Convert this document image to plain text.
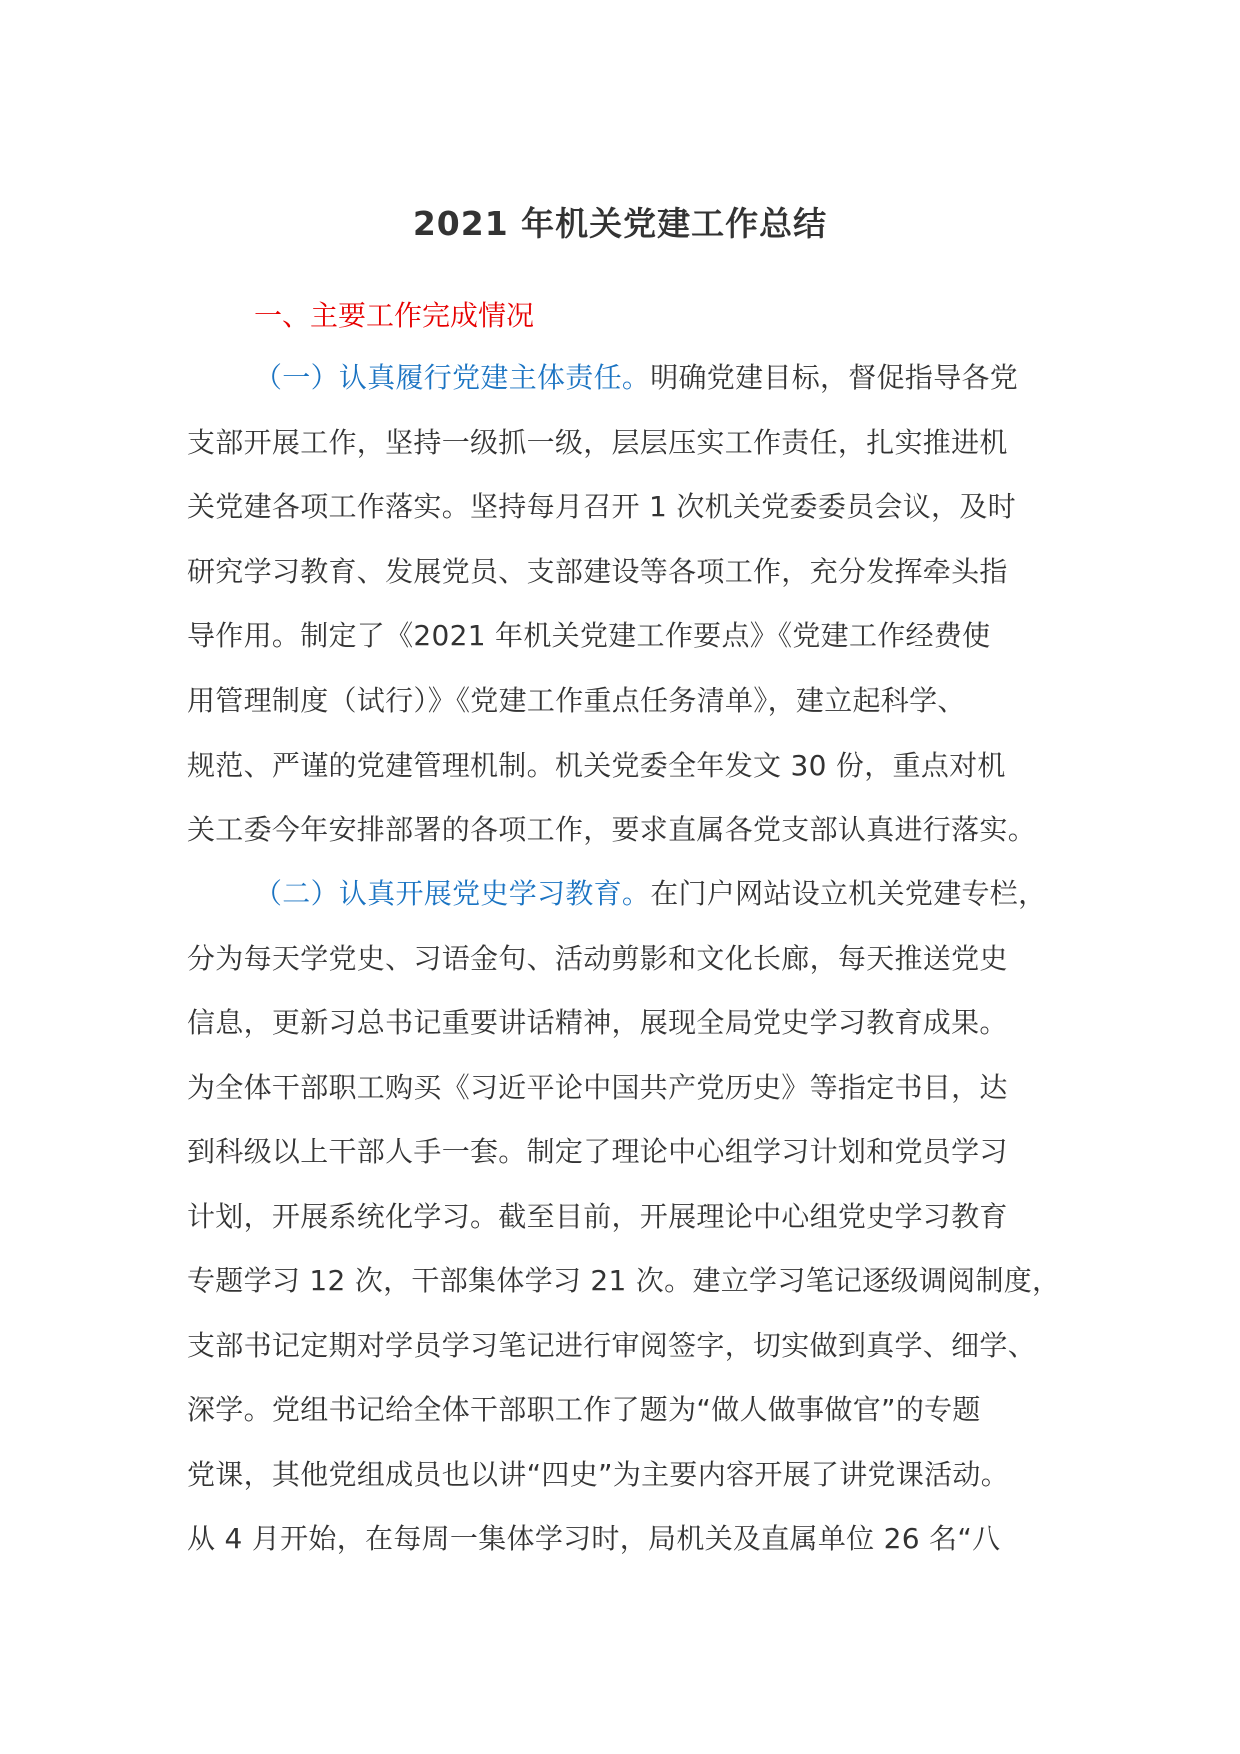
2021 年机关党建工作总结
一、主要工作完成情况
（一）认真履行党建主体责任。明确党建目标，督促指导各党
支部开展工作，坚持一级抓一级，层层压实工作责任，扎实推进机
关党建各项工作落实。坚持每月召开 1 次机关党委委员会议，及时
研究学习教育、发展党员、支部建设等各项工作，充分发挥牵头指
导作用。制定了《2021 年机关党建工作要点》《党建工作经费使
用管理制度（试行）》《党建工作重点任务清单》，建立起科学、
规范、严谨的党建管理机制。机关党委全年发文 30 份，重点对机
关工委今年安排部署的各项工作，要求直属各党支部认真进行落实。
（二）认真开展党史学习教育。在门户网站设立机关党建专栏，
分为每天学党史、习语金句、活动剪影和文化长廊，每天推送党史
信息，更新习总书记重要讲话精神，展现全局党史学习教育成果。
为全体干部职工购买《习近平论中国共产党历史》等指定书目，达
到科级以上干部人手一套。制定了理论中心组学习计划和党员学习
计划，开展系统化学习。截至目前，开展理论中心组党史学习教育
专题学习 12 次，干部集体学习 21 次。建立学习笔记逐级调阅制度，
支部书记定期对学员学习笔记进行审阅签字，切实做到真学、细学、
深学。党组书记给全体干部职工作了题为“做人做事做官”的专题
党课，其他党组成员也以讲“四史”为主要内容开展了讲党课活动。
从 4 月开始，在每周一集体学习时，局机关及直属单位 26 名“八
